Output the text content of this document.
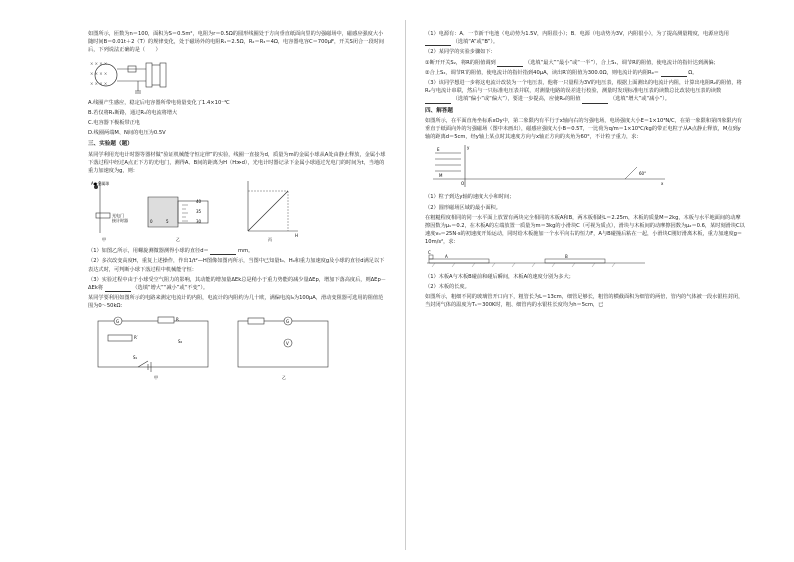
如图所示，匝数为n＝100，面积为S＝0.5m²，电阻为r＝0.5Ω的圆形线圈处于方向垂直纸面向里的匀强磁场中，磁感应强度大小随时间B＝0.01t＋2（T）的规律变化，处于磁场外的电阻R₁＝2.5Ω，R₂＝R₃＝4Ω，电容器电容C＝700μF，开关S闭合一段时间后，下列说法正确的是（　　）

× × × ×
× × × ×
× × × ×

A.线圈产生感应，稳定后电容器所带电荷量变化了1.4×10⁻⁴C

B.若仅将R₁断路，通过R₁的电流将增大

C.电容器下极板带正电

D.线圈两端M、N间的电压为0.5V

三、实验题（题）

某同学利用光电计时器等器材做“验证机械能守恒定律”的实验，线圈一直接为d，质量为m的金属小球从A处由静止释放，金属小球下落过程中经过A点正下方的光电门，测得A、B间的距离为H（H≫d），光电计时器记录下金属小球通过光电门的时间为t，当地的重力加速度为g，则：

A●金属球
光电门
接计时器
甲
40
35
30
0	5
乙
H
丙

（1）如图乙所示，用螺旋测微器测得小球的直径d＝	mm。

（2）多次改变高度H，重复上述操作，作出1/t²—H图像如图丙所示，当图中已知量t₀、H₀和重力加速度g及小球的直径d满足以下表达式时，可判断小球下落过程中机械能守恒：

（3）实验过程中由于小球受空气阻力的影响，其动能的增加量ΔEk总是稍小于重力势能的减少量ΔEp，增加下落高度后，则ΔEp－ΔEk将	（选填“增大”“减小”或“不变”）。

某同学要利用如图所示的电路来测定电流计的内阻，电流计的内阻约为几十欧，满偏电流I₉为100μA，滑动变阻器可选用的阻值范围为0～50kΩ：

G
R′
R
S₁
S₂
甲
G
V
乙

（1）电源有：A．一节新干电池（电动势为1.5V，内阻很小）；B．电源（电动势为3V，内阻很小），为了提高测量精度，电源应选用  （选填“A”或“B”）。

（2）某同学的实验步骤如下：

①断开开关S₂，将R的阻值调到	（选填“最大”“最小”或“一半”），合上S₁，调节R的阻值，使电流计的指针达到满偏；

②合上S₂，调节R′的阻值，使电流计的指针指到40μA，读出R′的阻值为300.0Ω，则电流计的内阻R₉＝	Ω。

（3）该同学想进一步将这电流计改装为一个电压表，他将一只量程为3V的电压表，根据上面测出的电流计内阻，计算出电阻R₂的阻值，将R₂与电流计串联，然后与一只标准电压表并联，对测量电路的误差进行校验，测量时发现标准电压表的读数总比改装电压表的读数  （选填“偏小”或“偏大”），要进一步提高，应使R₂的阻值	（选填“增大”或“减小”）。

四、解答题

如图所示，在平面直角坐标系xOy中，第二象限内有平行于x轴向右的匀强电场，电场强度大小E＝1×10³N/C，在第一象限和第四象限内有垂直于纸面向外的匀强磁场（图中未画出），磁感应强度大小B＝0.5T，一比荷为q/m＝1×10⁵C/kg的带正电粒子从A点静止释放，M点到y轴的距离d＝5cm，经y轴上某点时其速度方向与x轴正方向的夹角为60°，不计粒子重力，求：

y
x
O
E
M	60°

（1）粒子到达y轴的速度大小和时间；

（2）圆形磁场区域的最小面积。

在粗糙程度相同的同一水平面上放置有两块完全相同的木板A和B，两木板相距L＝2.25m，木板的质量M＝2kg，木板与水平地面间的动摩擦因数为μ₁＝0.2，在木板A的左端放置一质量为m＝3kg的小滑块C（可视为质点），滑块与木板间的动摩擦因数为μ₂＝0.6，某时刻滑块C以速度v₀＝25N·s的初速度开始运动，同时给木板施加一个水平向右的恒力F，A与B碰撞后粘在一起，小滑块C刚好滑离木板，重力加速度g＝10m/s²，求：

C
A	B

（1）木板A与木板B碰前和碰后瞬间，木板A的速度分别为多大；

（2）木板的长度。

如图所示，粗细不同的玻璃管开口向下，粗管长为L＝13cm，细管足够长，粗管的横截面积为细管的两倍，管内的气体被一段水银柱封闭，当封闭气体的温度为T₁＝300K时，粗、细管内的水银柱长度均为h＝5cm，已
